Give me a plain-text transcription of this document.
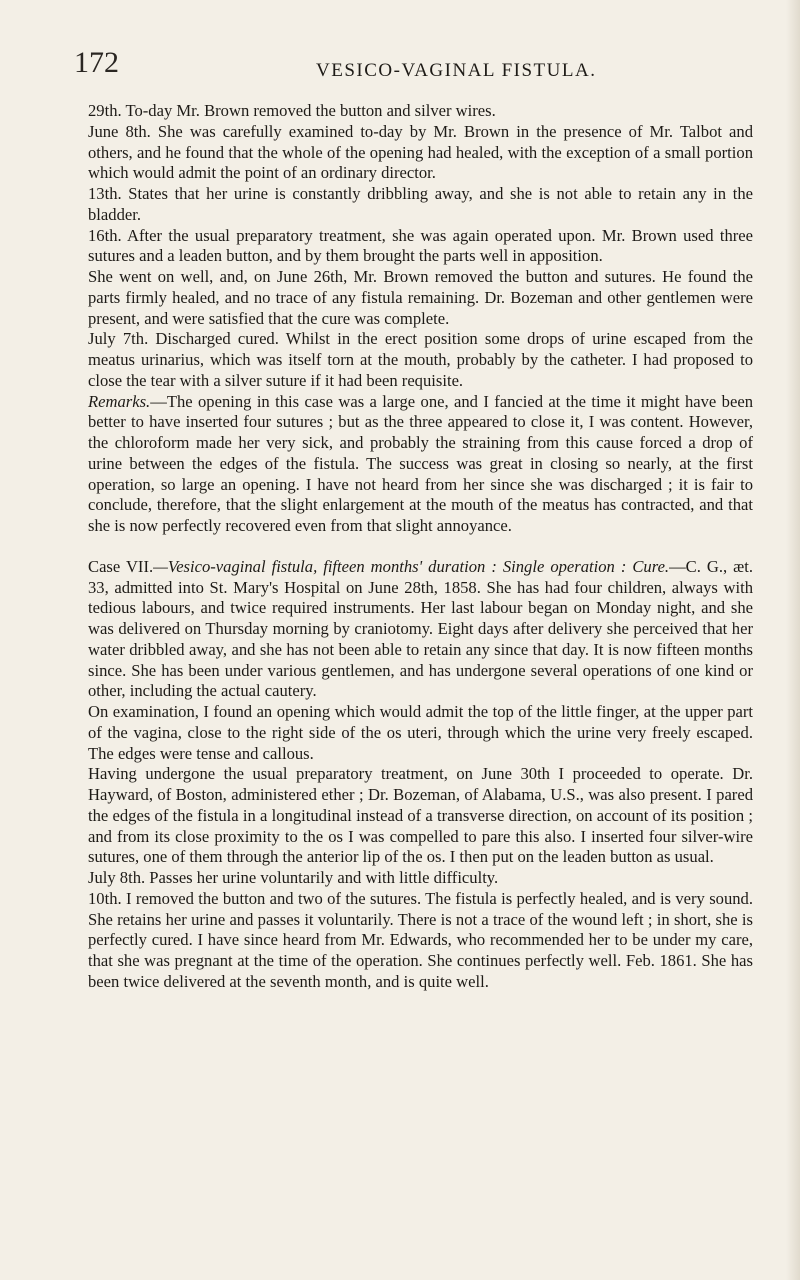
172	VESICO-VAGINAL FISTULA.

29th. To-day Mr. Brown removed the button and silver wires.

June 8th. She was carefully examined to-day by Mr. Brown in the presence of Mr. Talbot and others, and he found that the whole of the opening had healed, with the exception of a small portion which would admit the point of an ordinary director.

13th. States that her urine is constantly dribbling away, and she is not able to retain any in the bladder.

16th. After the usual preparatory treatment, she was again operated upon. Mr. Brown used three sutures and a leaden button, and by them brought the parts well in apposition.

She went on well, and, on June 26th, Mr. Brown removed the button and sutures. He found the parts firmly healed, and no trace of any fistula remaining. Dr. Bozeman and other gentlemen were present, and were satisfied that the cure was complete.

July 7th. Discharged cured. Whilst in the erect position some drops of urine escaped from the meatus urinarius, which was itself torn at the mouth, probably by the catheter. I had proposed to close the tear with a silver suture if it had been requisite.

Remarks.—The opening in this case was a large one, and I fancied at the time it might have been better to have inserted four sutures ; but as the three appeared to close it, I was content. However, the chloroform made her very sick, and probably the straining from this cause forced a drop of urine between the edges of the fistula. The success was great in closing so nearly, at the first operation, so large an opening. I have not heard from her since she was discharged ; it is fair to conclude, therefore, that the slight enlargement at the mouth of the meatus has contracted, and that she is now perfectly recovered even from that slight annoyance.

Case VII.—Vesico-vaginal fistula, fifteen months' duration : Single operation : Cure.—C. G., æt. 33, admitted into St. Mary's Hospital on June 28th, 1858. She has had four children, always with tedious labours, and twice required instruments. Her last labour began on Monday night, and she was delivered on Thursday morning by craniotomy. Eight days after delivery she perceived that her water dribbled away, and she has not been able to retain any since that day. It is now fifteen months since. She has been under various gentlemen, and has undergone several operations of one kind or other, including the actual cautery.

On examination, I found an opening which would admit the top of the little finger, at the upper part of the vagina, close to the right side of the os uteri, through which the urine very freely escaped. The edges were tense and callous.

Having undergone the usual preparatory treatment, on June 30th I proceeded to operate. Dr. Hayward, of Boston, administered ether ; Dr. Bozeman, of Alabama, U.S., was also present. I pared the edges of the fistula in a longitudinal instead of a transverse direction, on account of its position ; and from its close proximity to the os I was compelled to pare this also. I inserted four silver-wire sutures, one of them through the anterior lip of the os. I then put on the leaden button as usual.

July 8th. Passes her urine voluntarily and with little difficulty.

10th. I removed the button and two of the sutures. The fistula is perfectly healed, and is very sound. She retains her urine and passes it voluntarily. There is not a trace of the wound left ; in short, she is perfectly cured. I have since heard from Mr. Edwards, who recommended her to be under my care, that she was pregnant at the time of the operation. She continues perfectly well. Feb. 1861. She has been twice delivered at the seventh month, and is quite well.
